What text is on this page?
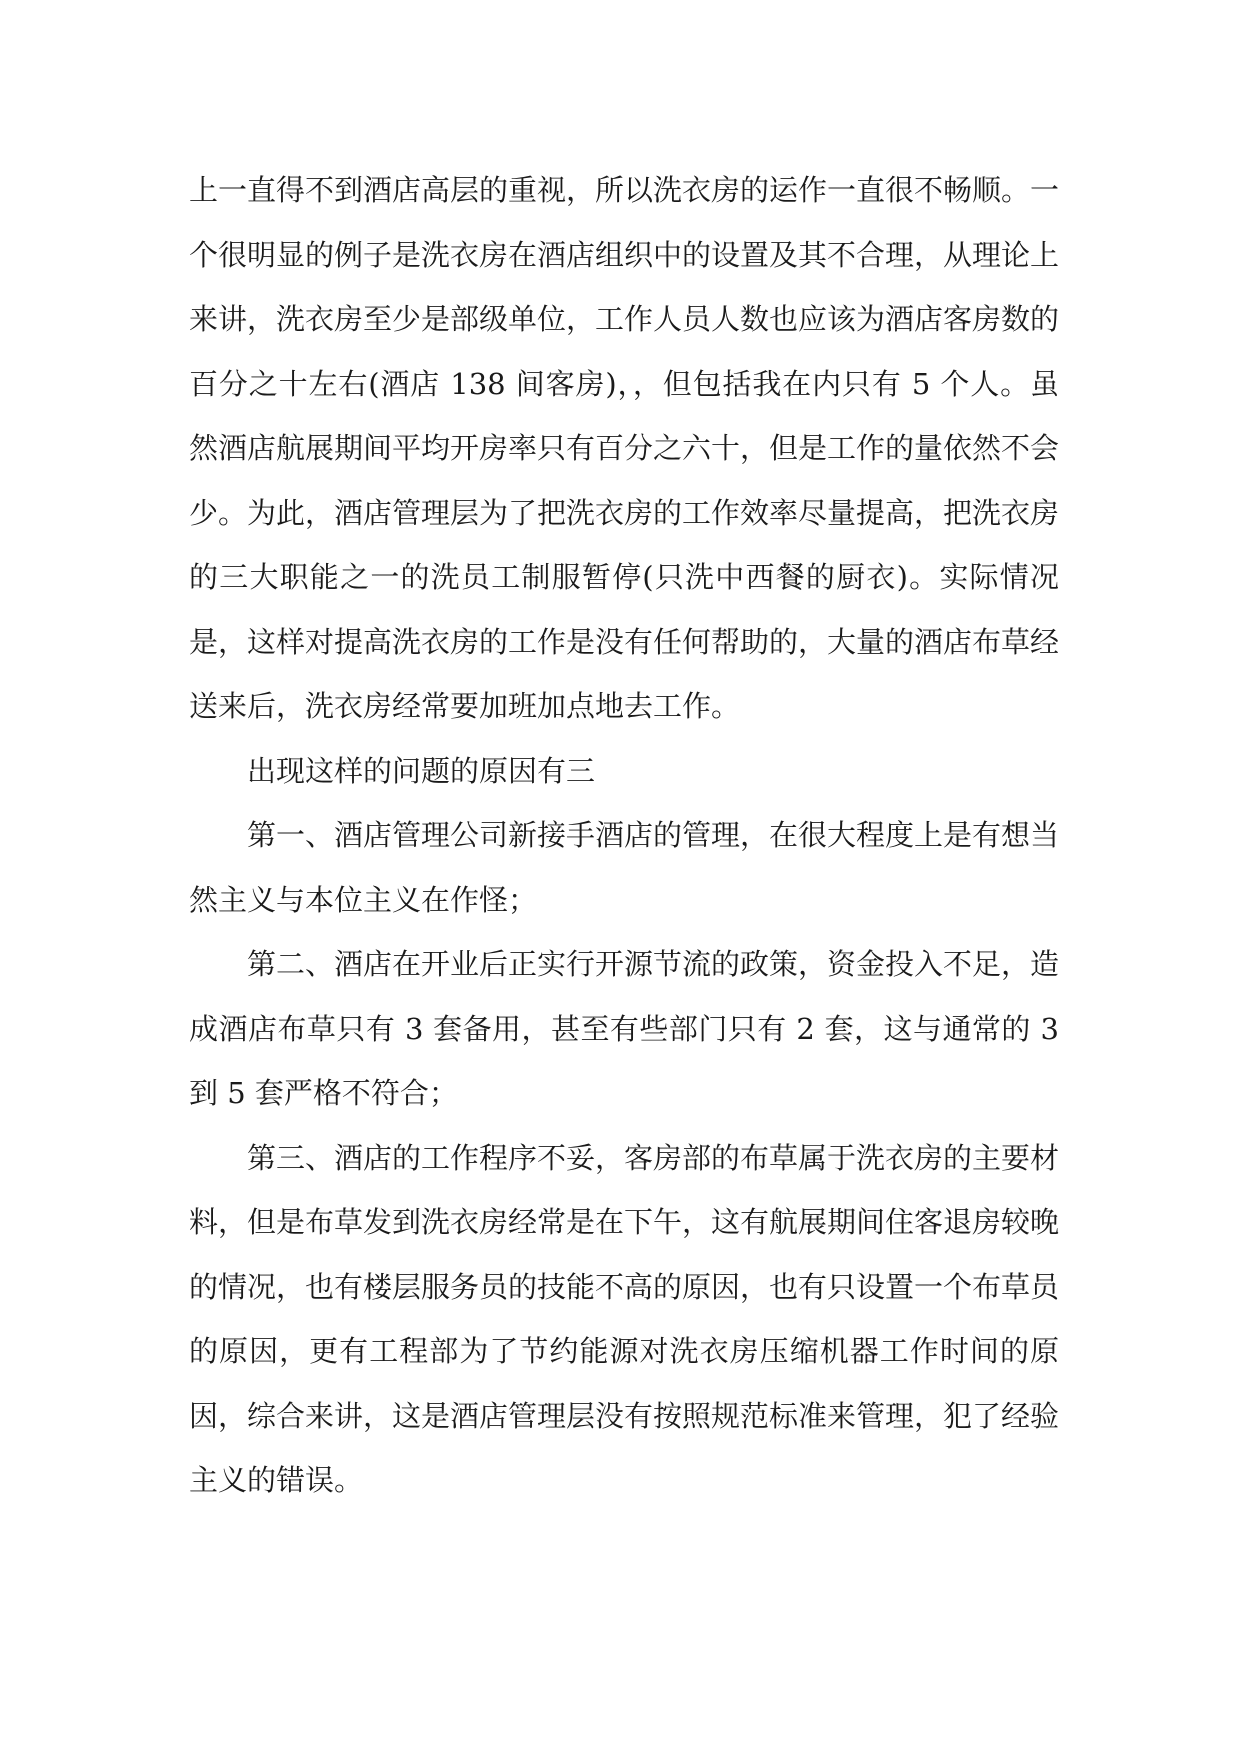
上一直得不到酒店高层的重视，所以洗衣房的运作一直很不畅顺。一个很明显的例子是洗衣房在酒店组织中的设置及其不合理，从理论上来讲，洗衣房至少是部级单位，工作人员人数也应该为酒店客房数的百分之十左右(酒店 138 间客房)，，但包括我在内只有 5 个人。虽然酒店航展期间平均开房率只有百分之六十，但是工作的量依然不会少。为此，酒店管理层为了把洗衣房的工作效率尽量提高，把洗衣房的三大职能之一的洗员工制服暂停(只洗中西餐的厨衣)。实际情况是，这样对提高洗衣房的工作是没有任何帮助的，大量的酒店布草经送来后，洗衣房经常要加班加点地去工作。

出现这样的问题的原因有三

第一、酒店管理公司新接手酒店的管理，在很大程度上是有想当然主义与本位主义在作怪；

第二、酒店在开业后正实行开源节流的政策，资金投入不足，造成酒店布草只有 3 套备用，甚至有些部门只有 2 套，这与通常的 3 到 5 套严格不符合；

第三、酒店的工作程序不妥，客房部的布草属于洗衣房的主要材料，但是布草发到洗衣房经常是在下午，这有航展期间住客退房较晚的情况，也有楼层服务员的技能不高的原因，也有只设置一个布草员的原因，更有工程部为了节约能源对洗衣房压缩机器工作时间的原因，综合来讲，这是酒店管理层没有按照规范标准来管理，犯了经验主义的错误。
